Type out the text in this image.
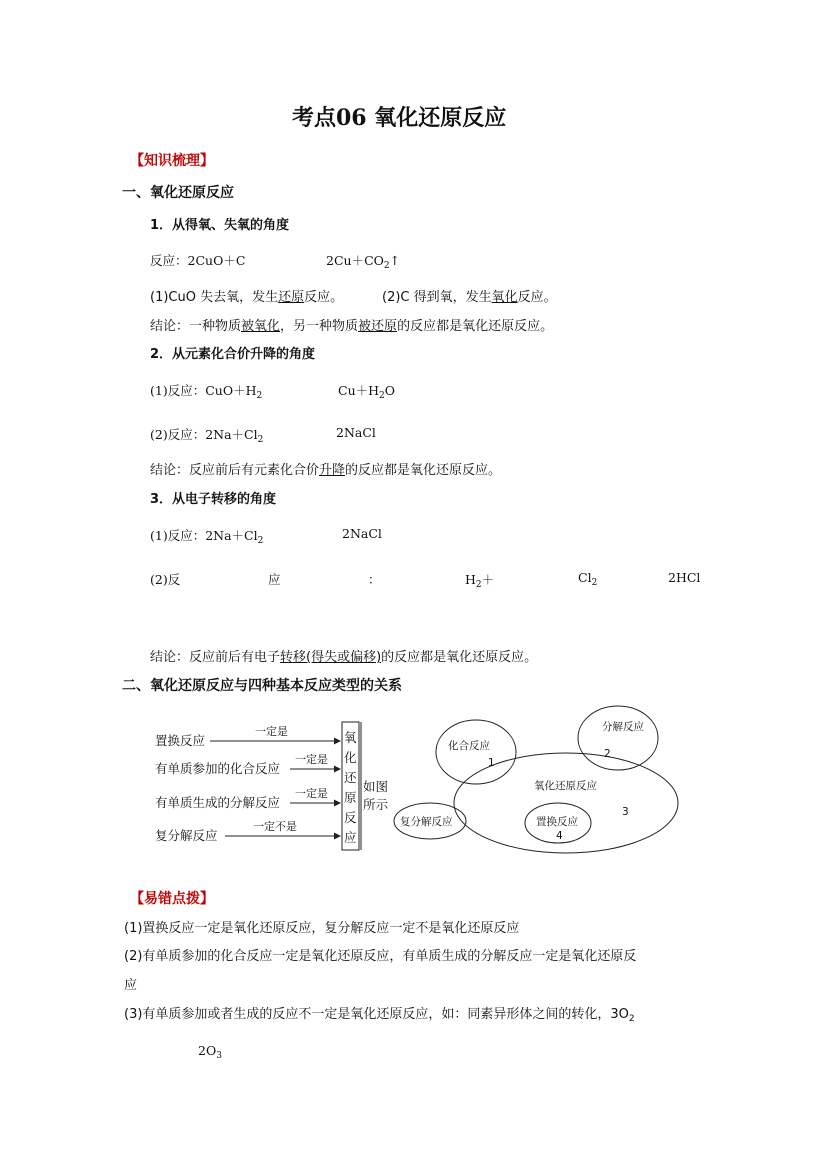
考点06 氧化还原反应
【知识梳理】
一、氧化还原反应
1．从得氧、失氧的角度
反应：2CuO＋C	$2Cu+CO_2↑$
(1)CuO 失去氧，发生还原反应。	(2)C 得到氧，发生氧化反应。
结论：一种物质被氧化，另一种物质被还原的反应都是氧化还原反应。
2．从元素化合价升降的角度
(1)反应：$CuO+H_2$	$Cu+H_2O$
(2)反应：$2Na+Cl_2$	2NaCl
结论：反应前后有元素化合价升降的反应都是氧化还原反应。
3．从电子转移的角度
(1)反应：$2Na+Cl_2$	2NaCl
(2)反	应	：	$H_2+$	$Cl_2$	2HCl
结论：反应前后有电子转移(得失或偏移)的反应都是氧化还原反应。
二、氧化还原反应与四种基本反应类型的关系
置换反应
一定是
有单质参加的化合反应
一定是
有单质生成的分解反应
一定是
复分解反应
一定不是
氧
化
还
原
反
应
如图
所示
化合反应
1
分解反应
2
氧化还原反应
3
复分解反应	置换反应
4
【易错点拨】
(1)置换反应一定是氧化还原反应，复分解反应一定不是氧化还原反应
(2)有单质参加的化合反应一定是氧化还原反应，有单质生成的分解反应一定是氧化还原反
应
(3)有单质参加或者生成的反应不一定是氧化还原反应，如：同素异形体之间的转化，$3O_2$
$2O_3$
